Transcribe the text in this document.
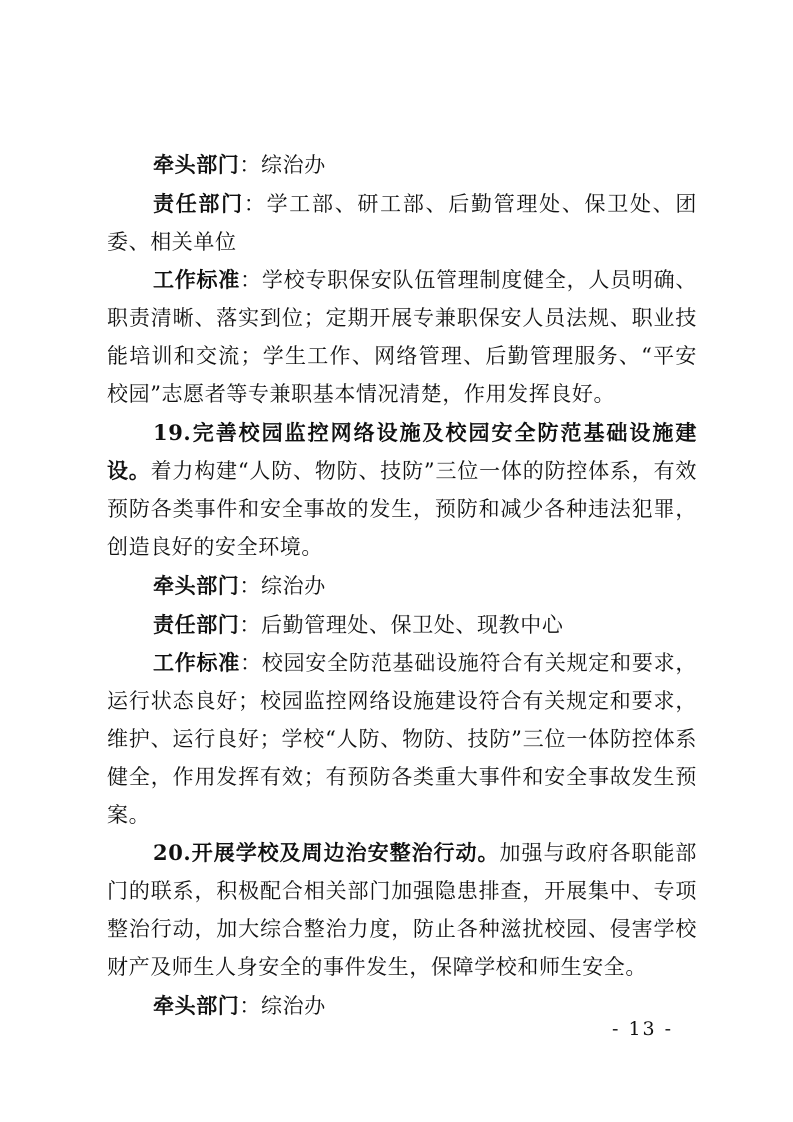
牵头部门：综治办

责任部门：学工部、研工部、后勤管理处、保卫处、团委、相关单位

工作标准：学校专职保安队伍管理制度健全，人员明确、职责清晰、落实到位；定期开展专兼职保安人员法规、职业技能培训和交流；学生工作、网络管理、后勤管理服务、“平安校园”志愿者等专兼职基本情况清楚，作用发挥良好。

19.完善校园监控网络设施及校园安全防范基础设施建设。着力构建“人防、物防、技防”三位一体的防控体系，有效预防各类事件和安全事故的发生，预防和减少各种违法犯罪，创造良好的安全环境。

牵头部门：综治办

责任部门：后勤管理处、保卫处、现教中心

工作标准：校园安全防范基础设施符合有关规定和要求，运行状态良好；校园监控网络设施建设符合有关规定和要求，维护、运行良好；学校“人防、物防、技防”三位一体防控体系健全，作用发挥有效；有预防各类重大事件和安全事故发生预案。

20.开展学校及周边治安整治行动。加强与政府各职能部门的联系，积极配合相关部门加强隐患排查，开展集中、专项整治行动，加大综合整治力度，防止各种滋扰校园、侵害学校财产及师生人身安全的事件发生，保障学校和师生安全。

牵头部门：综治办

- 13 -
